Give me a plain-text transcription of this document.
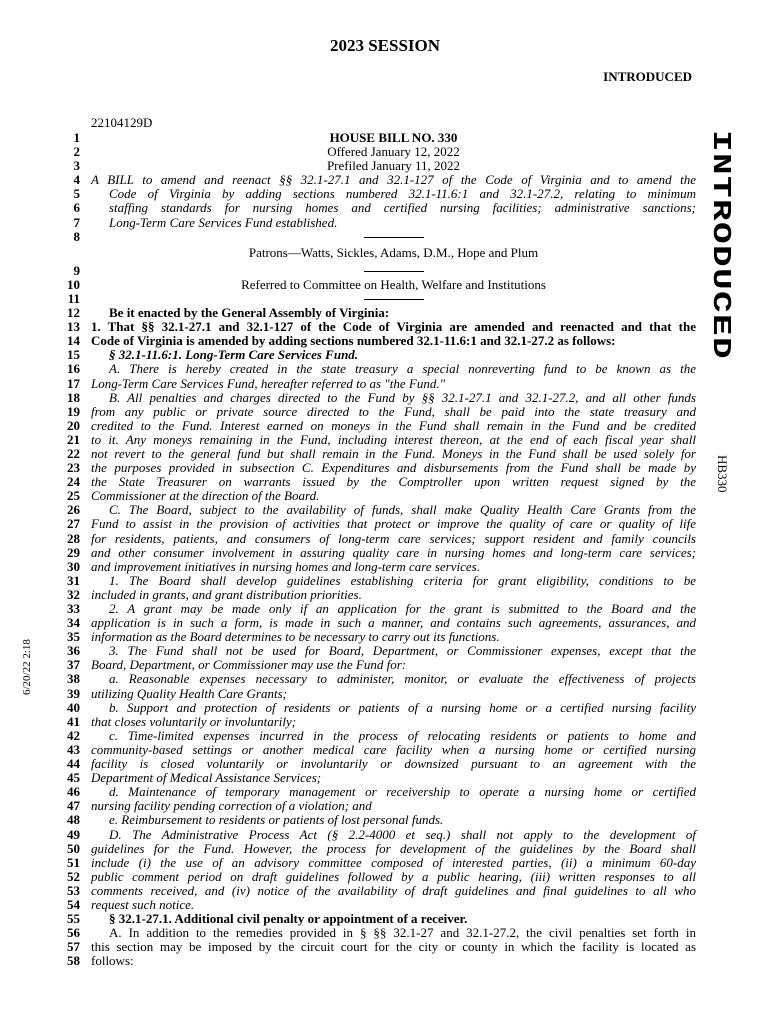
2023 SESSION
INTRODUCED
22104129D
INTRODUCED
HB330
6/20/22 2:18
1	HOUSE BILL NO. 330
2	Offered January 12, 2022
3	Prefiled January 11, 2022
4 A BILL to amend and reenact §§ 32.1-27.1 and 32.1-127 of the Code of Virginia and to amend the
5	Code of Virginia by adding sections numbered 32.1-11.6:1 and 32.1-27.2, relating to minimum
6	staffing standards for nursing homes and certified nursing facilities; administrative sanctions;
7	Long-Term Care Services Fund established.
8
Patrons—Watts, Sickles, Adams, D.M., Hope and Plum
9
10	Referred to Committee on Health, Welfare and Institutions
11
12	Be it enacted by the General Assembly of Virginia:
13 1. That §§ 32.1-27.1 and 32.1-127 of the Code of Virginia are amended and reenacted and that the
14 Code of Virginia is amended by adding sections numbered 32.1-11.6:1 and 32.1-27.2 as follows:
15	§ 32.1-11.6:1. Long-Term Care Services Fund.
16	A. There is hereby created in the state treasury a special nonreverting fund to be known as the
17 Long-Term Care Services Fund, hereafter referred to as "the Fund."
18	B. All penalties and charges directed to the Fund by §§ 32.1-27.1 and 32.1-27.2, and all other funds
19 from any public or private source directed to the Fund, shall be paid into the state treasury and
20 credited to the Fund. Interest earned on moneys in the Fund shall remain in the Fund and be credited
21 to it. Any moneys remaining in the Fund, including interest thereon, at the end of each fiscal year shall
22 not revert to the general fund but shall remain in the Fund. Moneys in the Fund shall be used solely for
23 the purposes provided in subsection C. Expenditures and disbursements from the Fund shall be made by
24 the State Treasurer on warrants issued by the Comptroller upon written request signed by the
25 Commissioner at the direction of the Board.
26	C. The Board, subject to the availability of funds, shall make Quality Health Care Grants from the
27 Fund to assist in the provision of activities that protect or improve the quality of care or quality of life
28 for residents, patients, and consumers of long-term care services; support resident and family councils
29 and other consumer involvement in assuring quality care in nursing homes and long-term care services;
30 and improvement initiatives in nursing homes and long-term care services.
31	1. The Board shall develop guidelines establishing criteria for grant eligibility, conditions to be
32 included in grants, and grant distribution priorities.
33	2. A grant may be made only if an application for the grant is submitted to the Board and the
34 application is in such a form, is made in such a manner, and contains such agreements, assurances, and
35 information as the Board determines to be necessary to carry out its functions.
36	3. The Fund shall not be used for Board, Department, or Commissioner expenses, except that the
37 Board, Department, or Commissioner may use the Fund for:
38	a. Reasonable expenses necessary to administer, monitor, or evaluate the effectiveness of projects
39 utilizing Quality Health Care Grants;
40	b. Support and protection of residents or patients of a nursing home or a certified nursing facility
41 that closes voluntarily or involuntarily;
42	c. Time-limited expenses incurred in the process of relocating residents or patients to home and
43 community-based settings or another medical care facility when a nursing home or certified nursing
44 facility is closed voluntarily or involuntarily or downsized pursuant to an agreement with the
45 Department of Medical Assistance Services;
46	d. Maintenance of temporary management or receivership to operate a nursing home or certified
47 nursing facility pending correction of a violation; and
48	e. Reimbursement to residents or patients of lost personal funds.
49	D. The Administrative Process Act (§ 2.2-4000 et seq.) shall not apply to the development of
50 guidelines for the Fund. However, the process for development of the guidelines by the Board shall
51 include (i) the use of an advisory committee composed of interested parties, (ii) a minimum 60-day
52 public comment period on draft guidelines followed by a public hearing, (iii) written responses to all
53 comments received, and (iv) notice of the availability of draft guidelines and final guidelines to all who
54 request such notice.
55	§ 32.1-27.1. Additional civil penalty or appointment of a receiver.
56	A. In addition to the remedies provided in § §§ 32.1-27 and 32.1-27.2, the civil penalties set forth in
57 this section may be imposed by the circuit court for the city or county in which the facility is located as
58 follows:
